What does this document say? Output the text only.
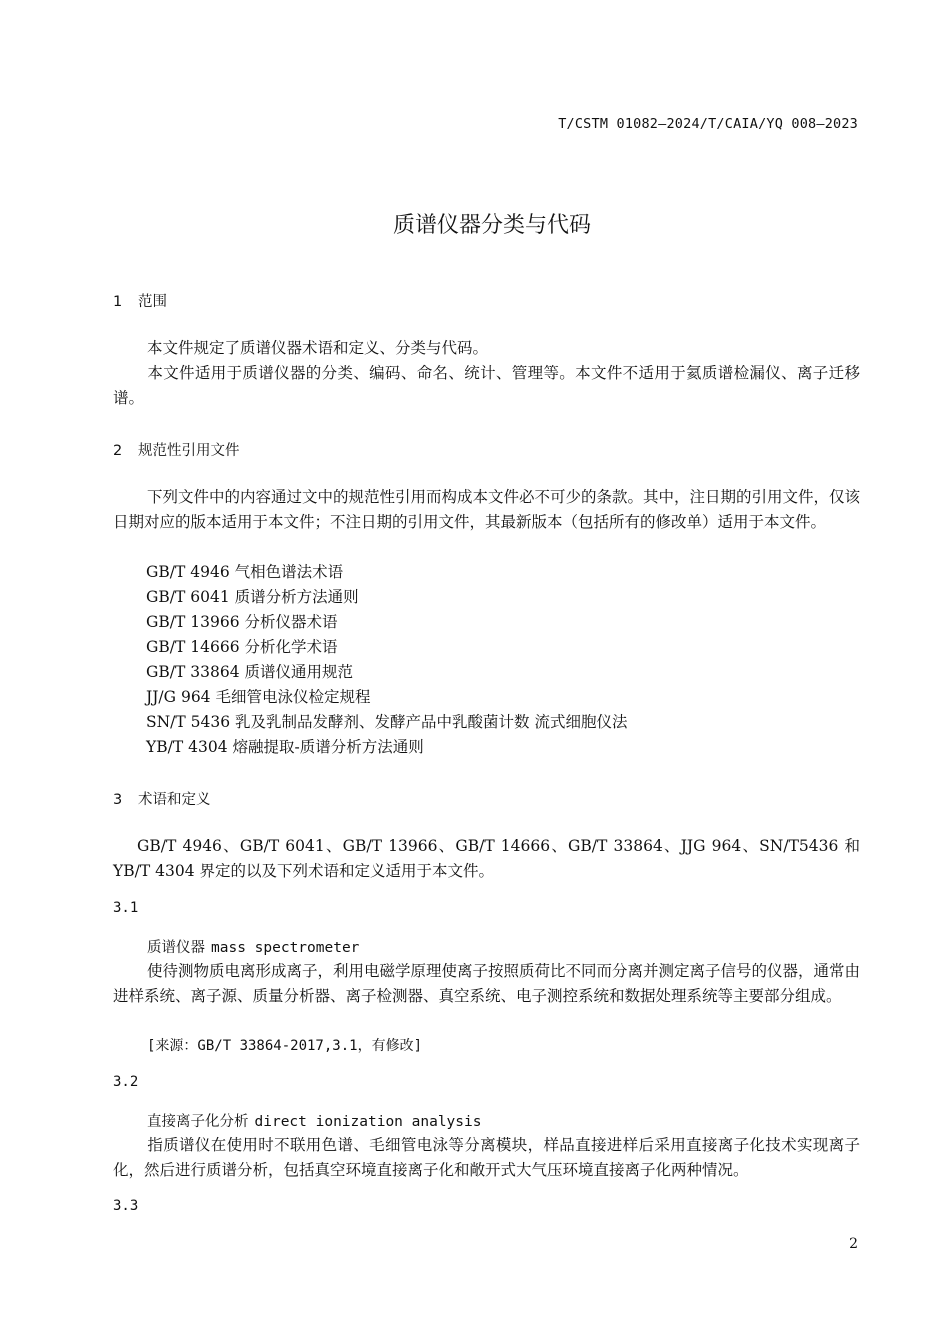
T/CSTM 01082—2024/T/CAIA/YQ 008—2023
质谱仪器分类与代码
1 范围
本文件规定了质谱仪器术语和定义、分类与代码。
本文件适用于质谱仪器的分类、编码、命名、统计、管理等。本文件不适用于氦质谱检漏仪、离子迁移谱。
2 规范性引用文件
下列文件中的内容通过文中的规范性引用而构成本文件必不可少的条款。其中，注日期的引用文件，仅该日期对应的版本适用于本文件；不注日期的引用文件，其最新版本（包括所有的修改单）适用于本文件。
GB/T 4946 气相色谱法术语
GB/T 6041 质谱分析方法通则
GB/T 13966 分析仪器术语
GB/T 14666 分析化学术语
GB/T 33864 质谱仪通用规范
JJ/G 964 毛细管电泳仪检定规程
SN/T 5436 乳及乳制品发酵剂、发酵产品中乳酸菌计数 流式细胞仪法
YB/T 4304 熔融提取-质谱分析方法通则
3 术语和定义
GB/T 4946、GB/T 6041、GB/T 13966、GB/T 14666、GB/T 33864、JJG 964、SN/T5436 和 YB/T 4304 界定的以及下列术语和定义适用于本文件。
3.1
质谱仪器 mass spectrometer
使待测物质电离形成离子，利用电磁学原理使离子按照质荷比不同而分离并测定离子信号的仪器，通常由进样系统、离子源、质量分析器、离子检测器、真空系统、电子测控系统和数据处理系统等主要部分组成。
[来源：GB/T 33864-2017,3.1，有修改]
3.2
直接离子化分析 direct ionization analysis
指质谱仪在使用时不联用色谱、毛细管电泳等分离模块，样品直接进样后采用直接离子化技术实现离子化，然后进行质谱分析，包括真空环境直接离子化和敞开式大气压环境直接离子化两种情况。
3.3
2
